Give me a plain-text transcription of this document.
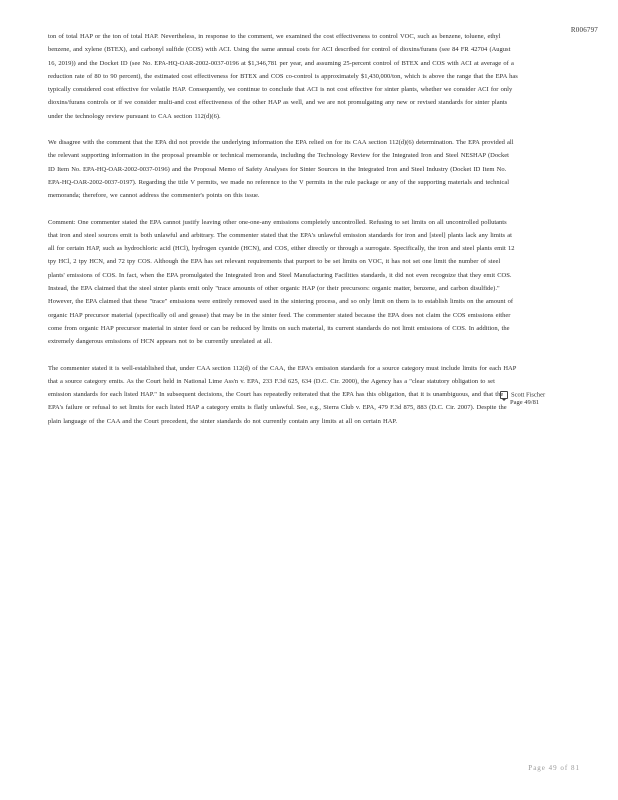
R006797

ton of total HAP or the ton of total HAP. Nevertheless, in response to the comment, we examined the cost effectiveness to control VOC, such as benzene, toluene, ethyl benzene, and xylene (BTEX), and carbonyl sulfide (COS) with ACI. Using the same annual costs for ACI described for control of dioxins/furans (see 84 FR 42704 (August 16, 2019)) and the Docket ID (see No. EPA-HQ-OAR-2002-0037-0196 at $1,346,781 per year, and assuming 25-percent control of BTEX and COS with ACI at average of a reduction rate of 80 to 90 percent), the estimated cost effectiveness for BTEX and COS co-control is approximately $1,430,000/ton, which is above the range that the EPA has typically considered cost effective for volatile HAP. Consequently, we continue to conclude that ACI is not cost effective for sinter plants, whether we consider ACI for only dioxins/furans controls or if we consider multi-and cost effectiveness of the other HAP as well, and we are not promulgating any new or revised standards for sinter plants under the technology review pursuant to CAA section 112(d)(6).

We disagree with the comment that the EPA did not provide the underlying information the EPA relied on for its CAA section 112(d)(6) determination. The EPA provided all the relevant supporting information in the proposal preamble or technical memoranda, including the Technology Review for the Integrated Iron and Steel NESHAP (Docket ID Item No. EPA-HQ-OAR-2002-0037-0196) and the Proposal Memo of Safety Analyses for Sinter Sources in the Integrated Iron and Steel Industry (Docket ID Item No. EPA-HQ-OAR-2002-0037-0197). Regarding the title V permits, we made no reference to the V permits in the rule package or any of the supporting materials and technical memoranda; therefore, we cannot address the commenter's points on this issue.

Comment: One commenter stated the EPA cannot justify leaving other one-one-any emissions completely uncontrolled. Refusing to set limits on all uncontrolled pollutants that iron and steel sources emit is both unlawful and arbitrary. The commenter stated that the EPA's unlawful emission standards for iron and [steel] plants lack any limits at all for certain HAP, such as hydrochloric acid (HCl), hydrogen cyanide (HCN), and COS, either directly or through a surrogate. Specifically, the iron and steel plants emit 12 tpy HCl, 2 tpy HCN, and 72 tpy COS. Although the EPA has set relevant requirements that purport to be set limits on VOC, it has not set one limit the number of steel plants' emissions of COS. In fact, when the EPA promulgated the Integrated Iron and Steel Manufacturing Facilities standards, it did not even recognize that they emit COS. Instead, the EPA claimed that the steel sinter plants emit only "trace amounts of other organic HAP (or their precursors: organic matter, benzene, and carbon disulfide)." However, the EPA claimed that these "trace" emissions were entirely removed used in the sintering process, and so only limit on them is to establish limits on the amount of organic HAP precursor material (specifically oil and grease) that may be in the sinter feed. The commenter stated because the EPA does not claim the COS emissions either come from organic HAP precursor material in sinter feed or can be reduced by limits on such material, its current standards do not limit emissions of COS. In addition, the extremely dangerous emissions of HCN appears not to be currently unrelated at all.

The commenter stated it is well-established that, under CAA section 112(d) of the CAA, the EPA's emission standards for a source category must include limits for each HAP that a source category emits. As the Court held in National Lime Ass'n v. EPA, 233 F.3d 625, 634 (D.C. Cir. 2000), the Agency has a "clear statutory obligation to set emission standards for each listed HAP." In subsequent decisions, the Court has repeatedly reiterated that the EPA has this obligation, that it is unambiguous, and that the EPA's failure or refusal to set limits for each listed HAP a category emits is flatly unlawful. See, e.g., Sierra Club v. EPA, 479 F.3d 875, 883 (D.C. Cir. 2007). Despite the plain language of the CAA and the Court precedent, the sinter standards do not currently contain any limits at all on certain HAP.

Scott Fischer
Page 49/81
Page 49 of 81
